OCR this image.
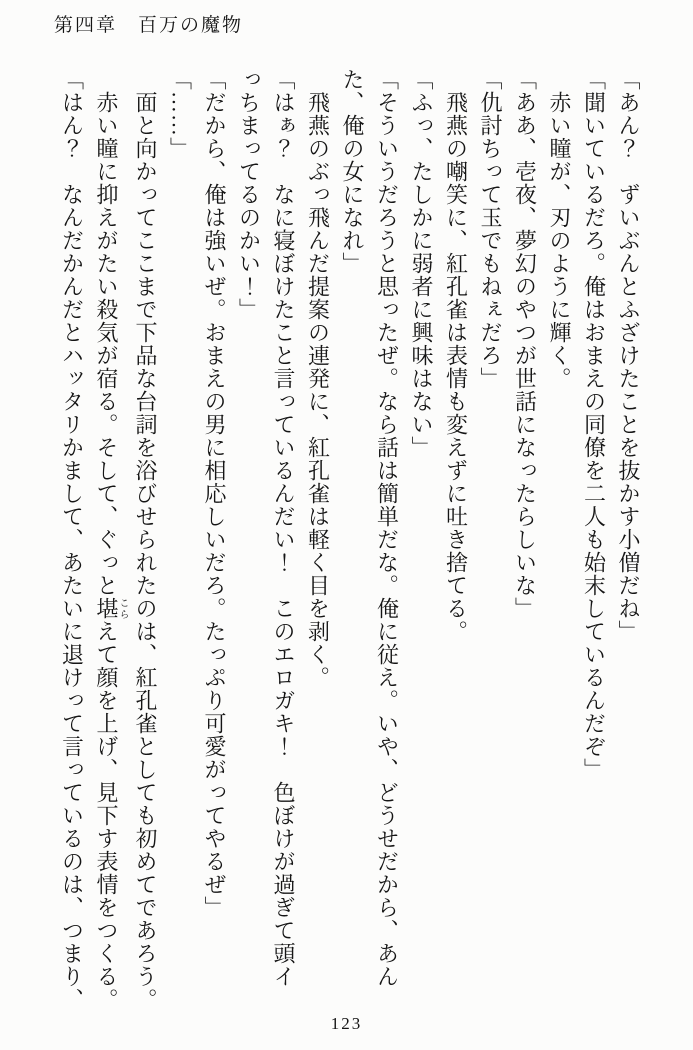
第四章　百万の魔物

「あん？　ずいぶんとふざけたことを抜かす小僧だね」

「聞いているだろ。俺はおまえの同僚を二人も始末しているんだぞ」

赤い瞳が、刃のように輝く。

「ああ、壱夜、夢幻のやつが世話になったらしいな」

「仇討ちって玉でもねぇだろ」

飛燕の嘲笑に、紅孔雀は表情も変えずに吐き捨てる。

「ふっ、たしかに弱者に興味はない」

「そういうだろうと思ったぜ。なら話は簡単だな。俺に従え。いや、どうせだから、あん

た、俺の女になれ」

飛燕のぶっ飛んだ提案の連発に、紅孔雀は軽く目を剥く。

「はぁ？　なに寝ぼけたこと言っているんだい！　このエロガキ！　色ぼけが過ぎて頭イ

っちまってるのかい！」

「だから、俺は強いぜ。おまえの男に相応しいだろ。たっぷり可愛がってやるぜ」

「……」

面と向かってここまで下品な台詞を浴びせられたのは、紅孔雀としても初めてであろう。

赤い瞳に抑えがたい殺気が宿る。そして、ぐっと堪こらえて顔を上げ、見下す表情をつくる。

「はん？　なんだかんだとハッタリかまして、あたいに退けって言っているのは、つまり、

123
